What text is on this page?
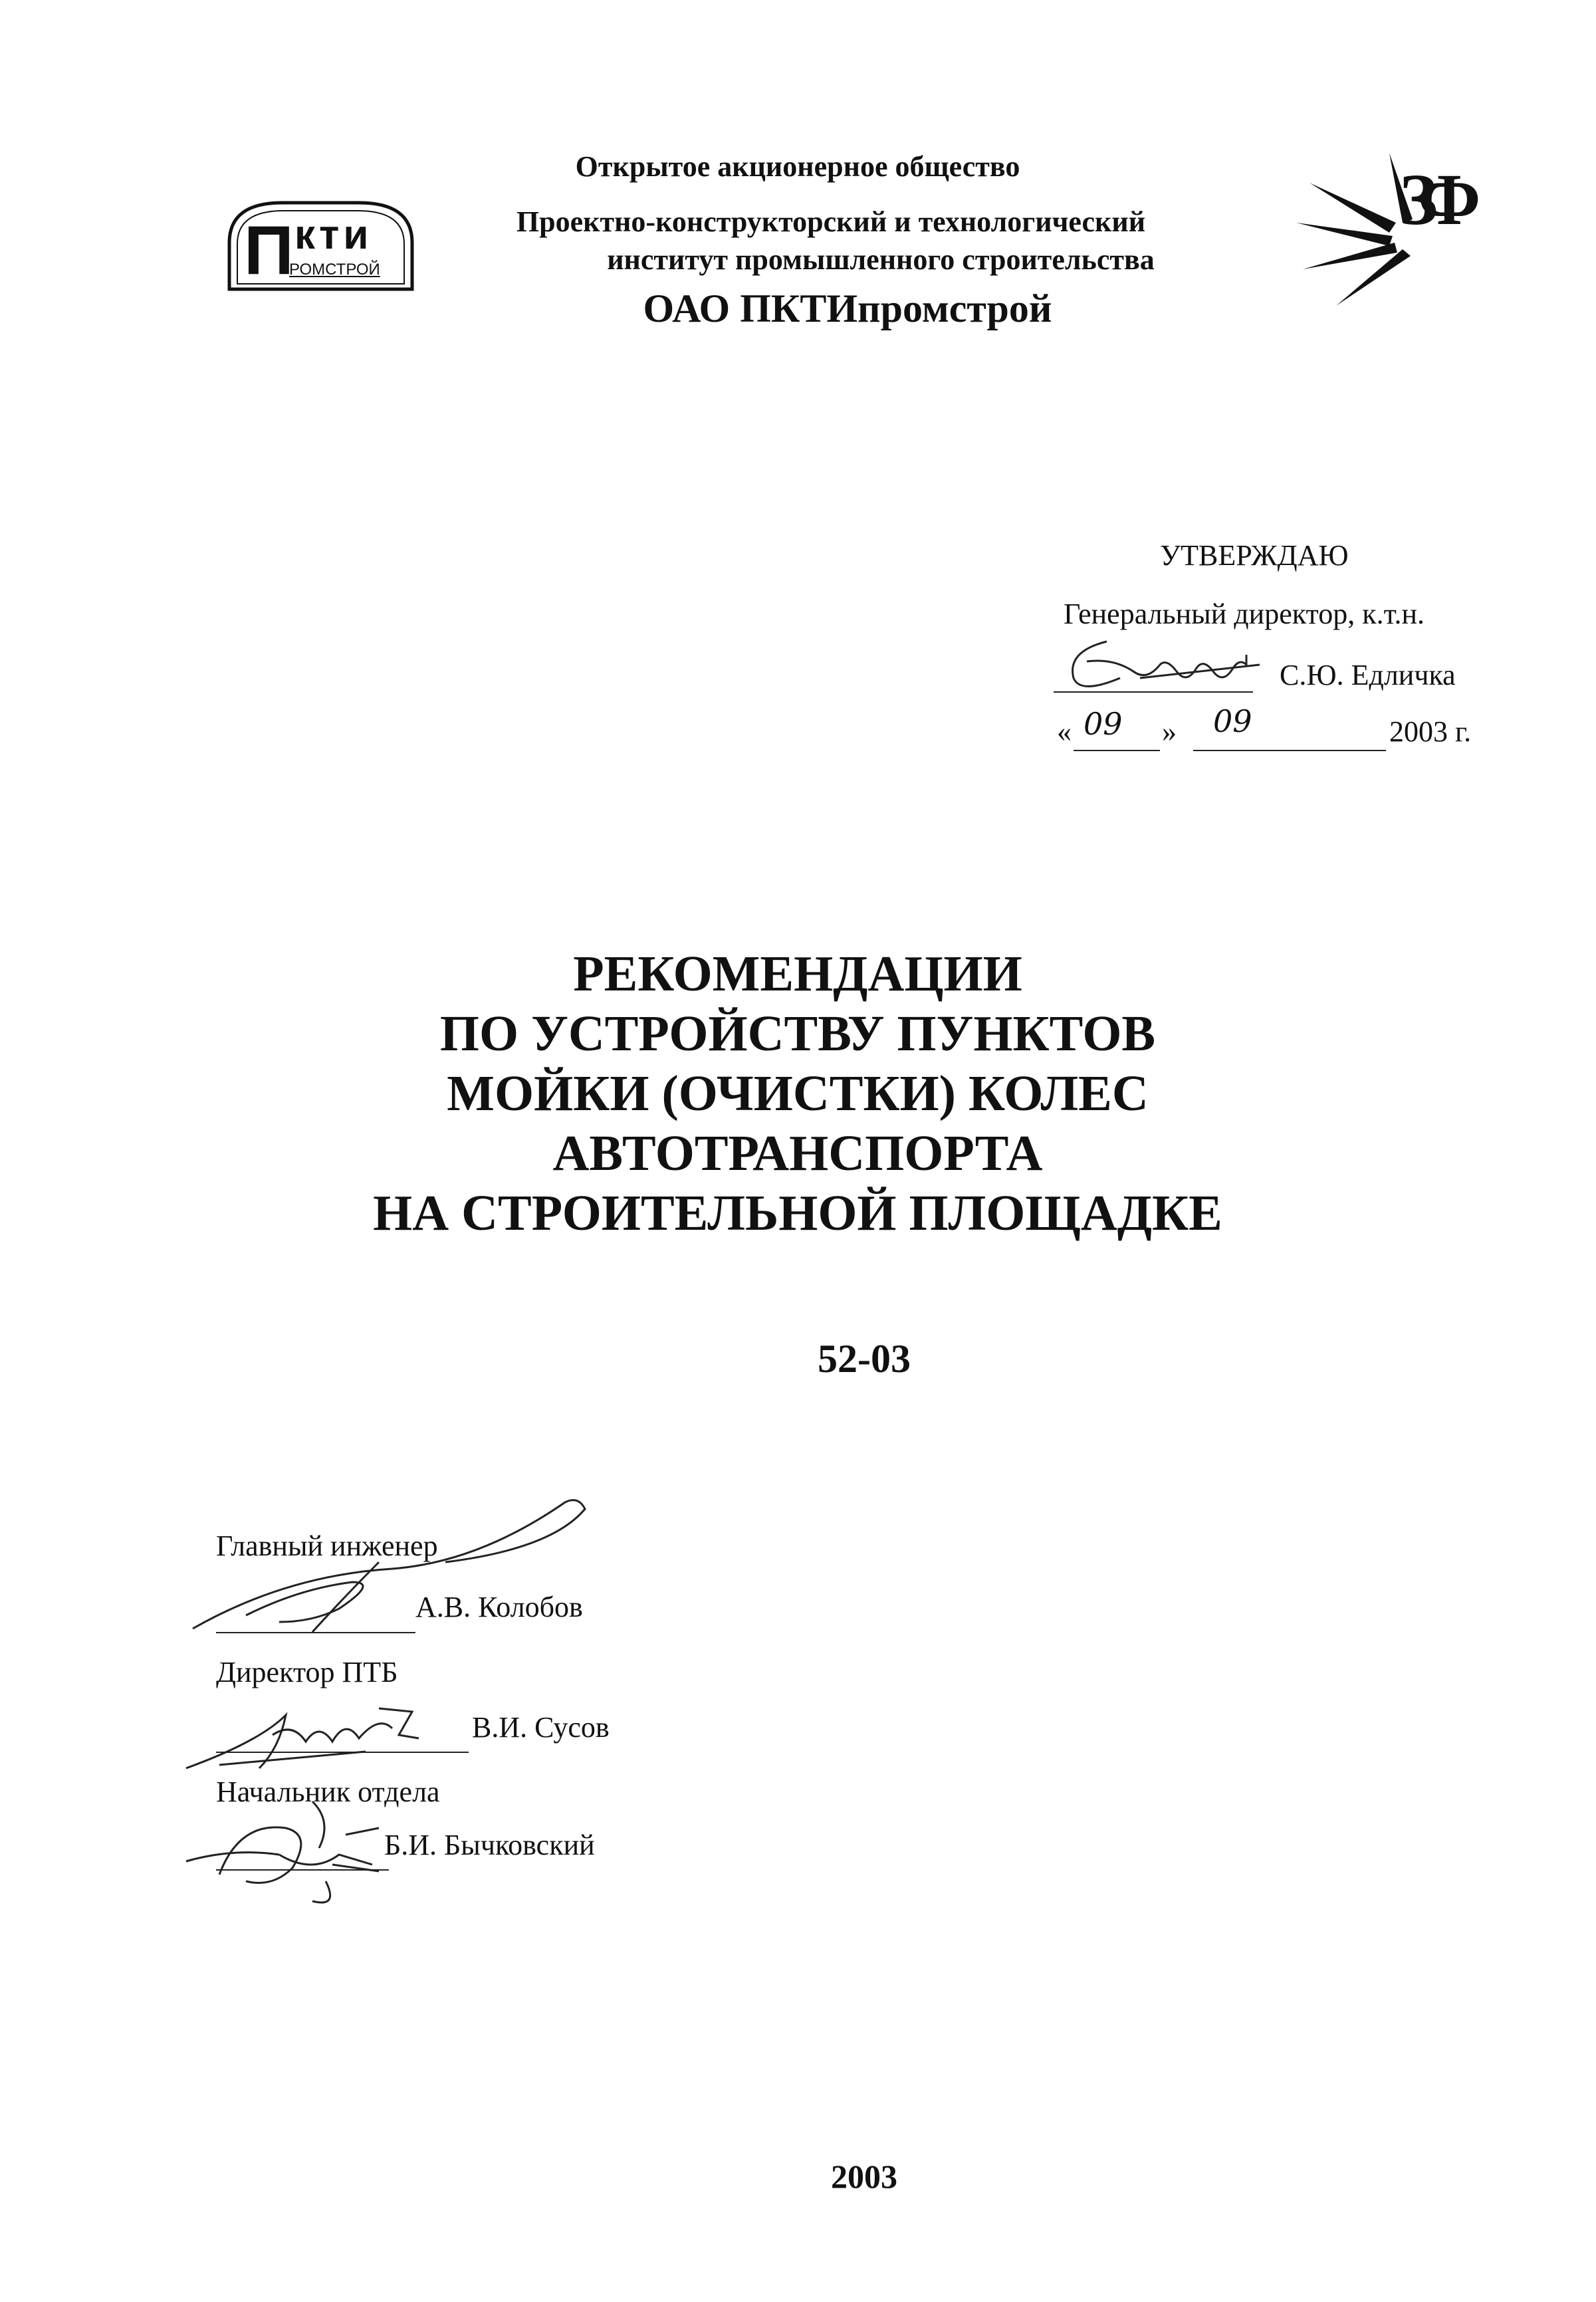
Открытое акционерное общество
Проектно-конструкторский и технологический
институт промышленного строительства
ОАО ПКТИпромстрой
П кти
РОМСТРОЙ
ЗФ
УТВЕРЖДАЮ
Генеральный директор, к.т.н.
С.Ю. Едличка
« 09 » 09	2003 г.
РЕКОМЕНДАЦИИ
ПО УСТРОЙСТВУ ПУНКТОВ
МОЙКИ (ОЧИСТКИ) КОЛЕС
АВТОТРАНСПОРТА
НА СТРОИТЕЛЬНОЙ ПЛОЩАДКЕ
52-03
Главный инженер
А.В. Колобов
Директор ПТБ
В.И. Сусов
Начальник отдела
Б.И. Бычковский
2003
